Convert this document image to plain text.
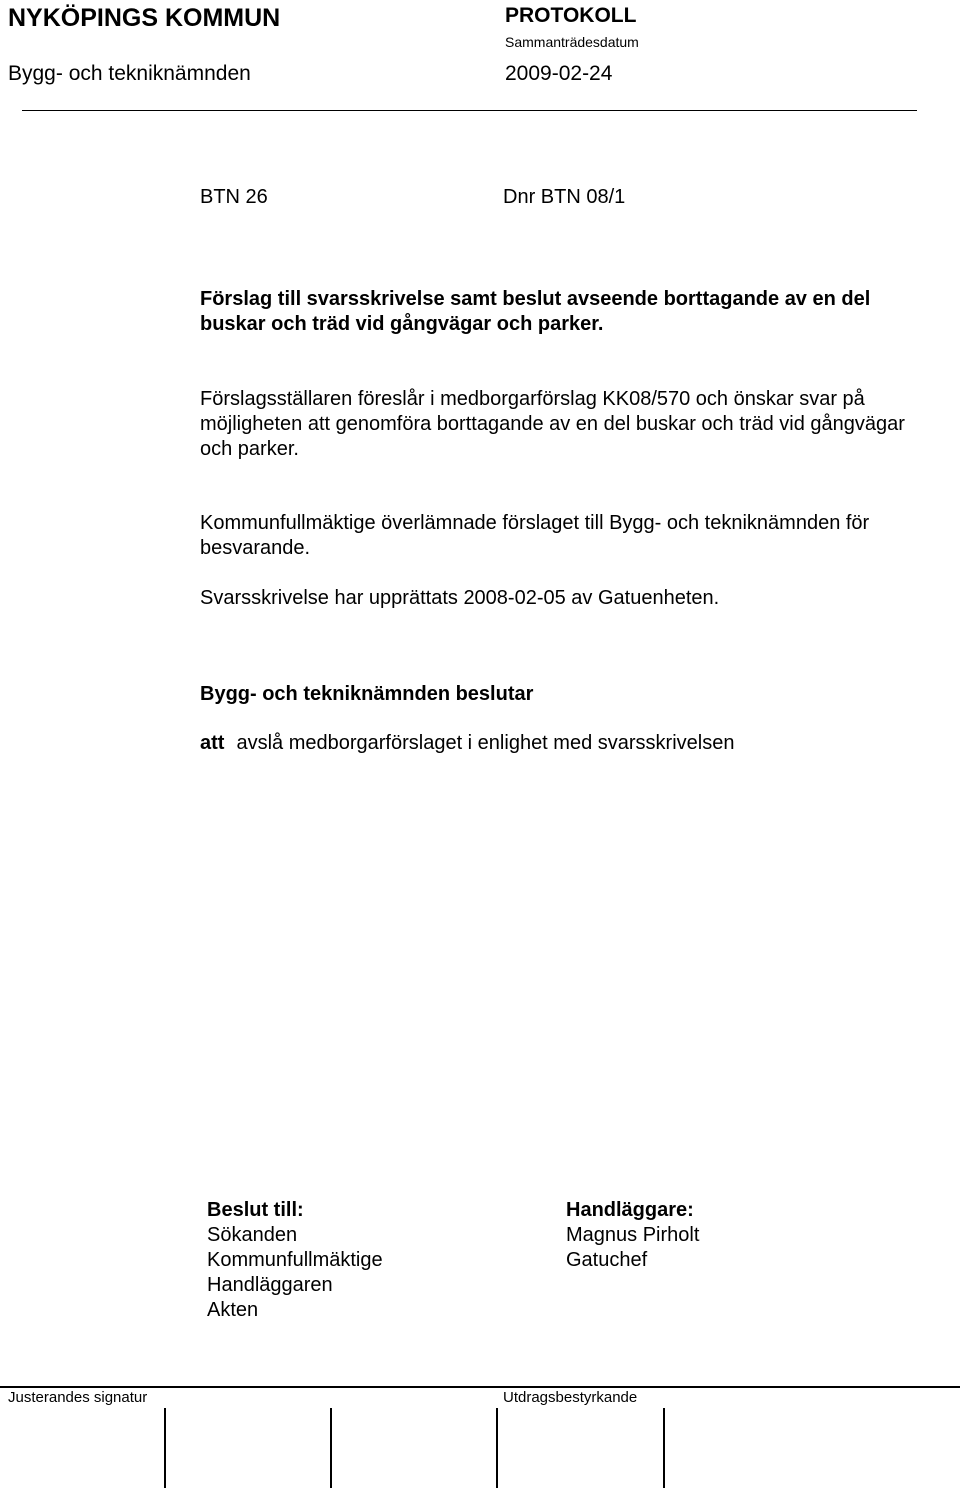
NYKÖPINGS KOMMUN	PROTOKOLL
Sammanträdesdatum
Bygg- och tekniknämnden	2009-02-24
BTN 26	Dnr BTN 08/1
Förslag till svarsskrivelse samt beslut avseende borttagande av en del buskar och träd vid gångvägar och parker.
Förslagsställaren föreslår i medborgarförslag KK08/570 och önskar svar på möjligheten att genomföra borttagande av en del buskar och träd vid gångvägar och parker.
Kommunfullmäktige överlämnade förslaget till Bygg- och tekniknämnden för besvarande.
Svarsskrivelse har upprättats 2008-02-05 av Gatuenheten.
Bygg- och tekniknämnden beslutar
att avslå medborgarförslaget i enlighet med svarsskrivelsen
Beslut till:
Sökanden
Kommunfullmäktige
Handläggaren
Akten
Handläggare:
Magnus Pirholt
Gatuchef
Justerandes signatur	Utdragsbestyrkande
